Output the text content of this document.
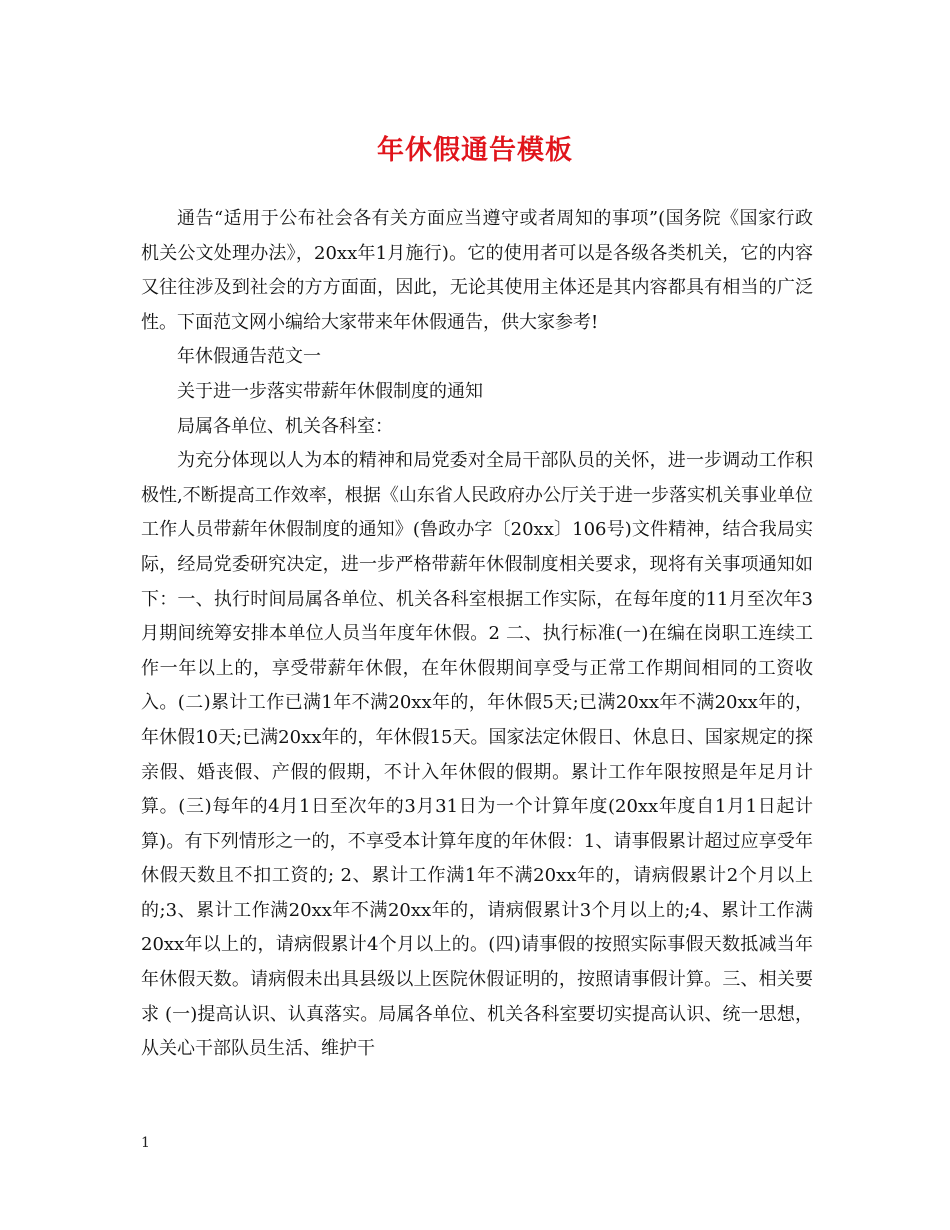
年休假通告模板

通告“适用于公布社会各有关方面应当遵守或者周知的事项”(国务院《国家行政机关公文处理办法》，20xx年1月施行)。它的使用者可以是各级各类机关，它的内容又往往涉及到社会的方方面面，因此，无论其使用主体还是其内容都具有相当的广泛性。下面范文网小编给大家带来年休假通告，供大家参考!

年休假通告范文一

关于进一步落实带薪年休假制度的通知

局属各单位、机关各科室：

为充分体现以人为本的精神和局党委对全局干部队员的关怀，进一步调动工作积极性,不断提高工作效率，根据《山东省人民政府办公厅关于进一步落实机关事业单位工作人员带薪年休假制度的通知》(鲁政办字〔20xx〕106号)文件精神，结合我局实际，经局党委研究决定，进一步严格带薪年休假制度相关要求，现将有关事项通知如下：一、执行时间局属各单位、机关各科室根据工作实际，在每年度的11月至次年3月期间统筹安排本单位人员当年度年休假。2 二、执行标准(一)在编在岗职工连续工作一年以上的，享受带薪年休假，在年休假期间享受与正常工作期间相同的工资收入。(二)累计工作已满1年不满20xx年的，年休假5天;已满20xx年不满20xx年的，年休假10天;已满20xx年的，年休假15天。国家法定休假日、休息日、国家规定的探亲假、婚丧假、产假的假期，不计入年休假的假期。累计工作年限按照是年足月计算。(三)每年的4月1日至次年的3月31日为一个计算年度(20xx年度自1月1日起计算)。有下列情形之一的，不享受本计算年度的年休假：1、请事假累计超过应享受年休假天数且不扣工资的; 2、累计工作满1年不满20xx年的，请病假累计2个月以上的;3、累计工作满20xx年不满20xx年的，请病假累计3个月以上的;4、累计工作满20xx年以上的，请病假累计4个月以上的。(四)请事假的按照实际事假天数抵减当年年休假天数。请病假未出具县级以上医院休假证明的，按照请事假计算。三、相关要求 (一)提高认识、认真落实。局属各单位、机关各科室要切实提高认识、统一思想，从关心干部队员生活、维护干

1
